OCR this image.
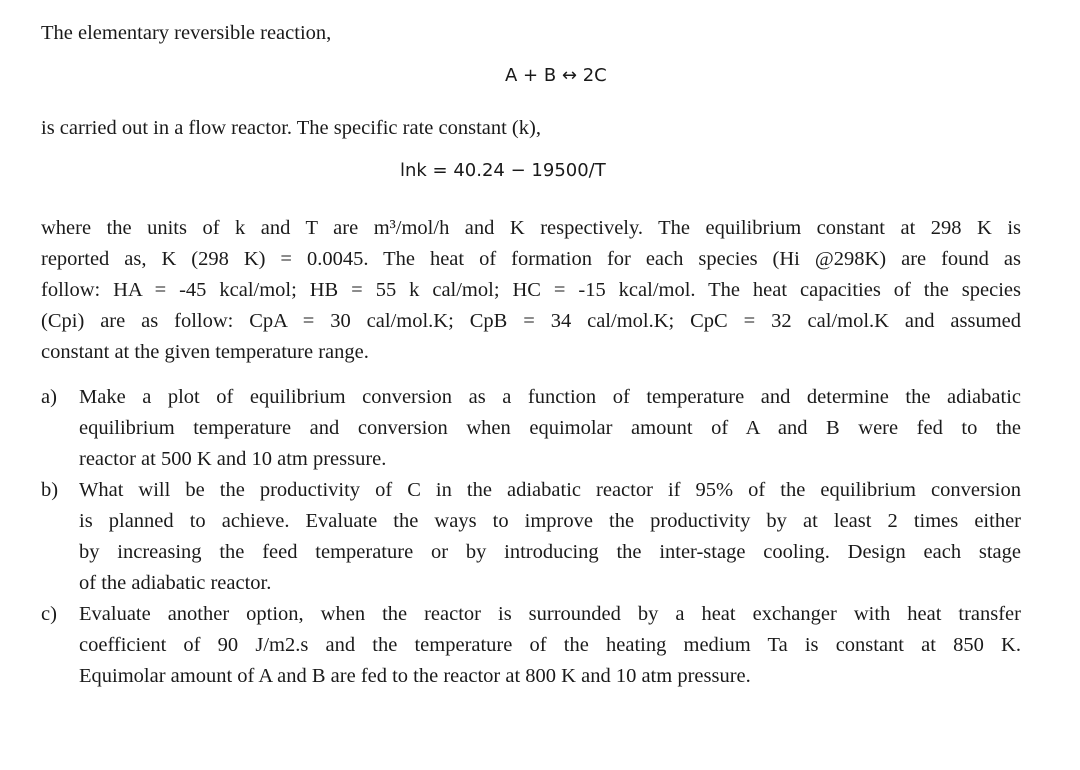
The elementary reversible reaction,
A + B ↔ 2C
is carried out in a flow reactor. The specific rate constant (k),
lnk = 40.24 − 19500/T
where the units of k and T are m³/mol/h and K respectively. The equilibrium constant at 298 K is
reported as, K (298 K) = 0.0045. The heat of formation for each species (Hi @298K) are found as
follow: HA = -45 kcal/mol; HB = 55 k cal/mol; HC = -15 kcal/mol. The heat capacities of the species
(Cpi) are as follow: CpA = 30 cal/mol.K; CpB = 34 cal/mol.K; CpC = 32 cal/mol.K and assumed
constant at the given temperature range.
a) Make a plot of equilibrium conversion as a function of temperature and determine the adiabatic
equilibrium temperature and conversion when equimolar amount of A and B were fed to the
reactor at 500 K and 10 atm pressure.
b) What will be the productivity of C in the adiabatic reactor if 95% of the equilibrium conversion
is planned to achieve. Evaluate the ways to improve the productivity by at least 2 times either
by increasing the feed temperature or by introducing the inter-stage cooling. Design each stage
of the adiabatic reactor.
c) Evaluate another option, when the reactor is surrounded by a heat exchanger with heat transfer
coefficient of 90 J/m2.s and the temperature of the heating medium Ta is constant at 850 K.
Equimolar amount of A and B are fed to the reactor at 800 K and 10 atm pressure.
